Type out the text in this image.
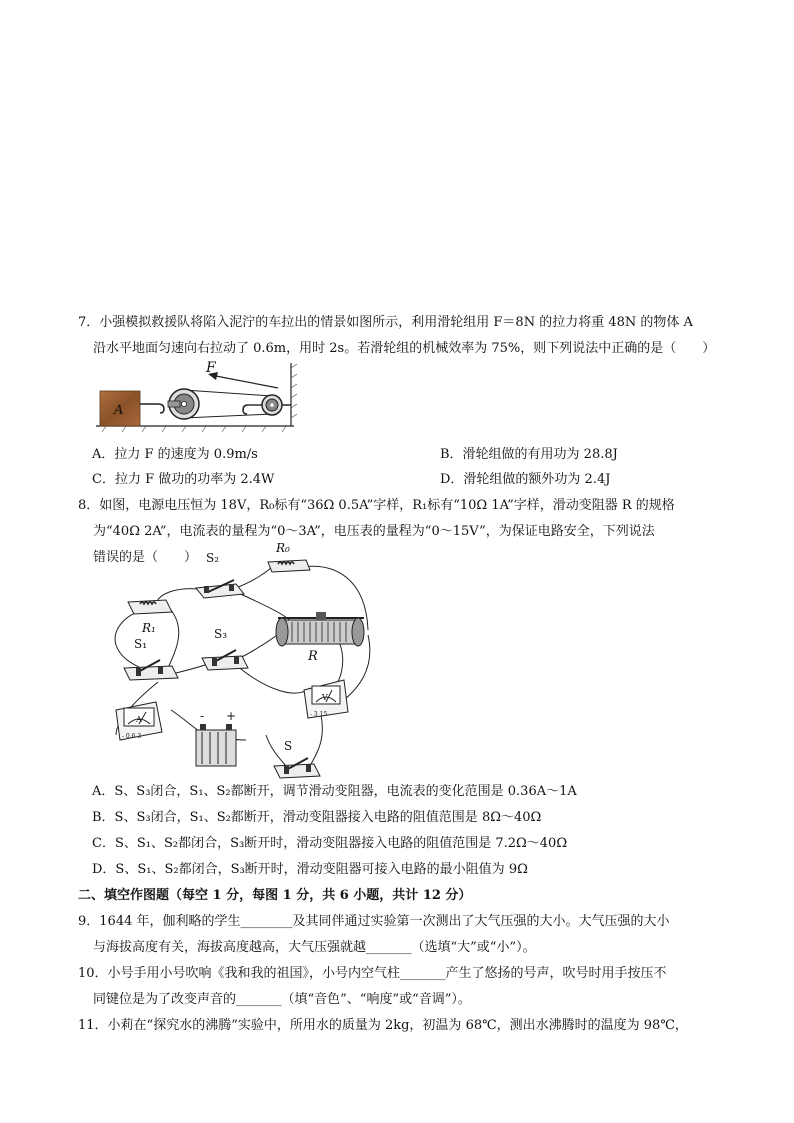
7．小强模拟救援队将陷入泥泞的车拉出的情景如图所示，利用滑轮组用 F＝8N 的拉力将重 48N 的物体 A
沿水平地面匀速向右拉动了 0.6m，用时 2s。若滑轮组的机械效率为 75%，则下列说法中正确的是（　　）
A
F
A．拉力 F 的速度为 0.9m/s	B．滑轮组做的有用功为 28.8J
C．拉力 F 做功的功率为 2.4W	D．滑轮组做的额外功为 2.4J
8．如图，电源电压恒为 18V，R₀标有“36Ω 0.5A”字样，R₁标有“10Ω 1A”字样，滑动变阻器 R 的规格
为“40Ω 2A”，电流表的量程为“0～3A”，电压表的量程为“0～15V”，为保证电路安全，下列说法
错误的是（　　） S₂
R₀
R₁
R
S₁
S₃
V
- 3 15
A
- 0.6 3
- +
S
A．S、S₃闭合，S₁、S₂都断开，调节滑动变阻器，电流表的变化范围是 0.36A～1A
B．S、S₃闭合，S₁、S₂都断开，滑动变阻器接入电路的阻值范围是 8Ω～40Ω
C．S、S₁、S₂都闭合，S₃断开时，滑动变阻器接入电路的阻值范围是 7.2Ω～40Ω
D．S、S₁、S₂都闭合，S₃断开时，滑动变阻器可接入电路的最小阻值为 9Ω
二、填空作图题（每空 1 分，每图 1 分，共 6 小题，共计 12 分）
9．1644 年，伽利略的学生________及其同伴通过实验第一次测出了大气压强的大小。大气压强的大小
与海拔高度有关，海拔高度越高，大气压强就越_______（选填“大”或“小”）。
10．小号手用小号吹响《我和我的祖国》，小号内空气柱_______产生了悠扬的号声，吹号时用手按压不
同键位是为了改变声音的_______（填“音色”、“响度”或“音调”）。
11．小莉在“探究水的沸腾”实验中，所用水的质量为 2kg，初温为 68℃，测出水沸腾时的温度为 98℃，
